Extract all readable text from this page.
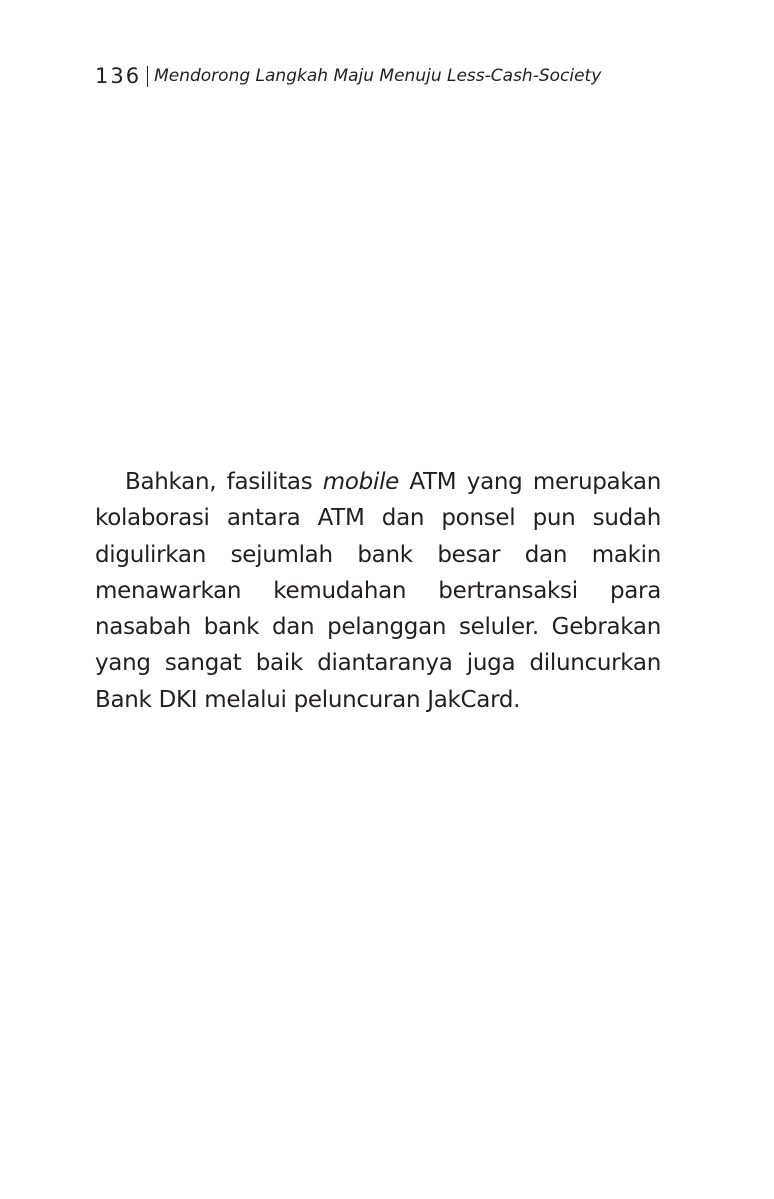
136 Mendorong Langkah Maju Menuju Less-Cash-Society

Bahkan, fasilitas mobile ATM yang merupakan kolaborasi antara ATM dan ponsel pun sudah digulirkan sejumlah bank besar dan makin menawarkan kemudahan bertransaksi para nasabah bank dan pelanggan seluler. Gebrakan yang sangat baik diantaranya juga diluncurkan Bank DKI melalui peluncuran JakCard.
